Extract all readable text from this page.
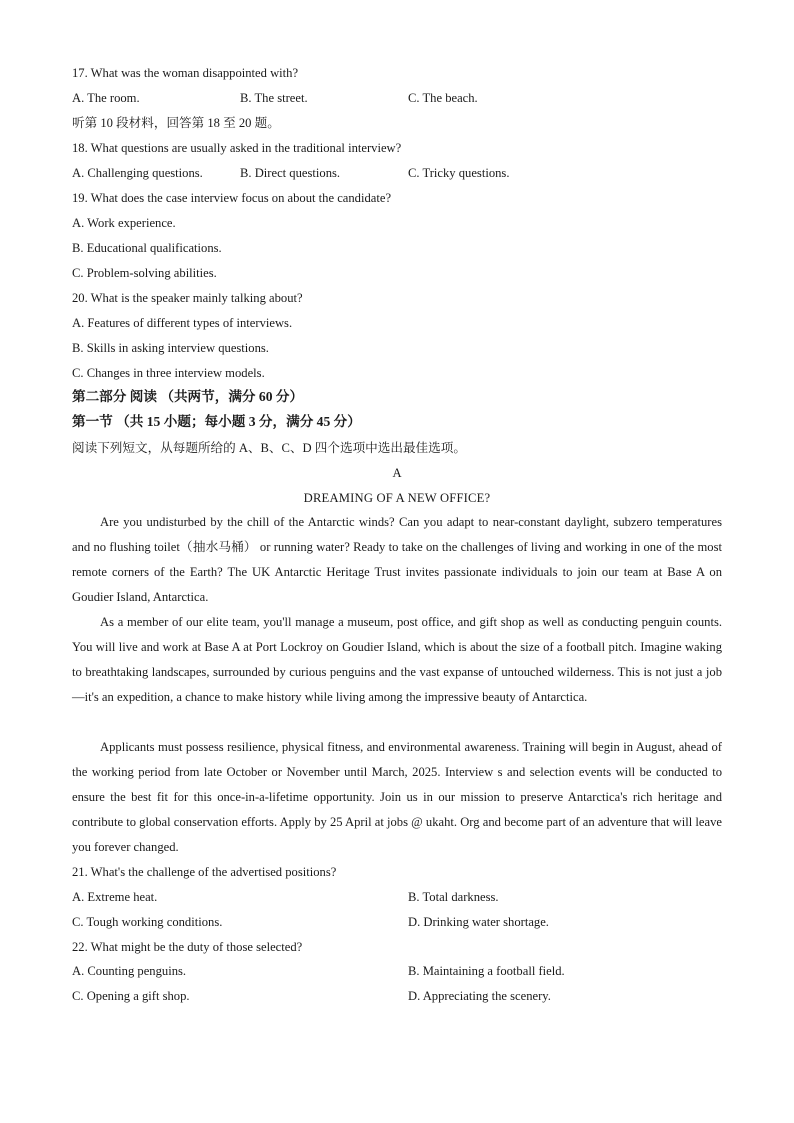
17. What was the woman disappointed with?
A. The room.	B. The street.	C. The beach.
听第 10 段材料，回答第 18 至 20 题。
18. What questions are usually asked in the traditional interview?
A. Challenging questions.	B. Direct questions.	C. Tricky questions.
19. What does the case interview focus on about the candidate?
A. Work experience.
B. Educational qualifications.
C. Problem-solving abilities.
20. What is the speaker mainly talking about?
A. Features of different types of interviews.
B. Skills in asking interview questions.
C. Changes in three interview models.
第二部分 阅读 （共两节，满分 60 分）
第一节 （共 15 小题；每小题 3 分，满分 45 分）
阅读下列短文，从每题所给的 A、B、C、D 四个选项中选出最佳选项。
A
DREAMING OF A NEW OFFICE?
Are you undisturbed by the chill of the Antarctic winds? Can you adapt to near-constant daylight, subzero temperatures and no flushing toilet（抽水马桶） or running water? Ready to take on the challenges of living and working in one of the most remote corners of the Earth? The UK Antarctic Heritage Trust invites passionate individuals to join our team at Base A on Goudier Island, Antarctica.
As a member of our elite team, you'll manage a museum, post office, and gift shop as well as conducting penguin counts. You will live and work at Base A at Port Lockroy on Goudier Island, which is about the size of a football pitch. Imagine waking to breathtaking landscapes, surrounded by curious penguins and the vast expanse of untouched wilderness. This is not just a job—it's an expedition, a chance to make history while living among the impressive beauty of Antarctica.
Applicants must possess resilience, physical fitness, and environmental awareness. Training will begin in August, ahead of the working period from late October or November until March, 2025. Interview s and selection events will be conducted to ensure the best fit for this once-in-a-lifetime opportunity. Join us in our mission to preserve Antarctica's rich heritage and contribute to global conservation efforts. Apply by 25 April at jobs @ ukaht. Org and become part of an adventure that will leave you forever changed.
21. What's the challenge of the advertised positions?
A. Extreme heat.	B. Total darkness.
C. Tough working conditions.	D. Drinking water shortage.
22. What might be the duty of those selected?
A. Counting penguins.	B. Maintaining a football field.
C. Opening a gift shop.	D. Appreciating the scenery.
